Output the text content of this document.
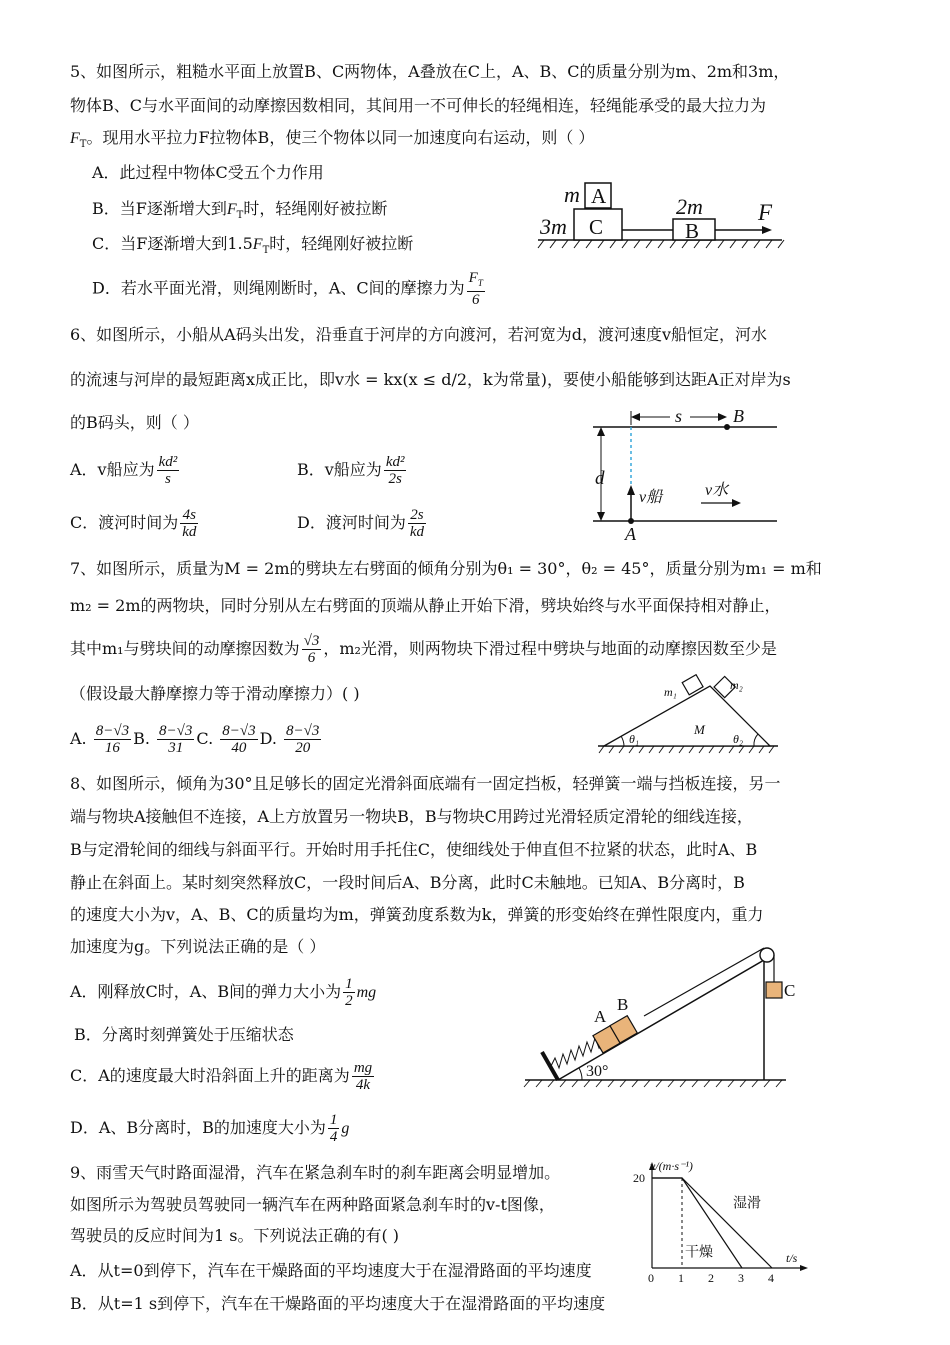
5、如图所示，粗糙水平面上放置B、C两物体，A叠放在C上，A、B、C的质量分别为m、2m和3m，
物体B、C与水平面间的动摩擦因数相同，其间用一不可伸长的轻绳相连，轻绳能承受的最大拉力为
$F_T$。现用水平拉力F拉物体B，使三个物体以同一加速度向右运动，则（ ）
A．此过程中物体C受五个力作用
B．当F逐渐增大到$F_T$时，轻绳刚好被拉断
C．当F逐渐增大到$1.5F_T$时，轻绳刚好被拉断
D．若水平面光滑，则绳刚断时，A、C间的摩擦力为 $\frac{F_T}{6}$
m A
3m C
2m
B
F
6、如图所示，小船从A码头出发，沿垂直于河岸的方向渡河，若河宽为d，渡河速度v船恒定，河水
的流速与河岸的最短距离x成正比，即v水 = kx(x ≤ d/2，k为常量)，要使小船能够到达距A正对岸为s
的B码头，则（ ）
A．v船应为 $\frac{\text{kd²}}{s}$	B．v船应为 $\frac{\text{kd²}}{2s}$
C．渡河时间为 $\frac{4s}{kd}$	D．渡河时间为 $\frac{2s}{kd}$
s	B
d
v船	v水
A
7、如图所示，质量为M = 2m的劈块左右劈面的倾角分别为θ₁ = 30°，θ₂ = 45°，质量分别为m₁ = m和
m₂ = 2m的两物块，同时分别从左右劈面的顶端从静止开始下滑，劈块始终与水平面保持相对静止，
其中m₁与劈块间的动摩擦因数为 $\frac{√3}{6}$ ，m₂光滑，则两物块下滑过程中劈块与地面的动摩擦因数至少是
（假设最大静摩擦力等于滑动摩擦力）( )
A. $\frac{8-√3}{16} B$. $\frac{8-√3}{31} C$. $\frac{8-√3}{40} D$. $\frac{8-√3}{20}$
m₁	m₂
M
θ₁	θ₂
8、如图所示，倾角为30°且足够长的固定光滑斜面底端有一固定挡板，轻弹簧一端与挡板连接，另一
端与物块A接触但不连接，A上方放置另一物块B，B与物块C用跨过光滑轻质定滑轮的细线连接，
B与定滑轮间的细线与斜面平行。开始时用手托住C，使细线处于伸直但不拉紧的状态，此时A、B
静止在斜面上。某时刻突然释放C，一段时间后A、B分离，此时C未触地。已知A、B分离时，B
的速度大小为v，A、B、C的质量均为m，弹簧劲度系数为k，弹簧的形变始终在弹性限度内，重力
加速度为g。下列说法正确的是（ ）
A．刚释放C时，A、B间的弹力大小为 $\frac{1}{2}$ mg
B．分离时刻弹簧处于压缩状态
C．A的速度最大时沿斜面上升的距离为 $\frac{mg}{4k}$
D．A、B分离时，B的加速度大小为 $\frac{1}{4}$ g
A
B
C
30°
9、雨雪天气时路面湿滑，汽车在紧急刹车时的刹车距离会明显增加。
如图所示为驾驶员驾驶同一辆汽车在两种路面紧急刹车时的v-t图像，
驾驶员的反应时间为1 s。下列说法正确的有( )
A．从t=0到停下，汽车在干燥路面的平均速度大于在湿滑路面的平均速度
B．从t=1 s到停下，汽车在干燥路面的平均速度大于在湿滑路面的平均速度
v/(m·s⁻¹)
t/s
0 1 2 3 4
20
干燥
湿滑
